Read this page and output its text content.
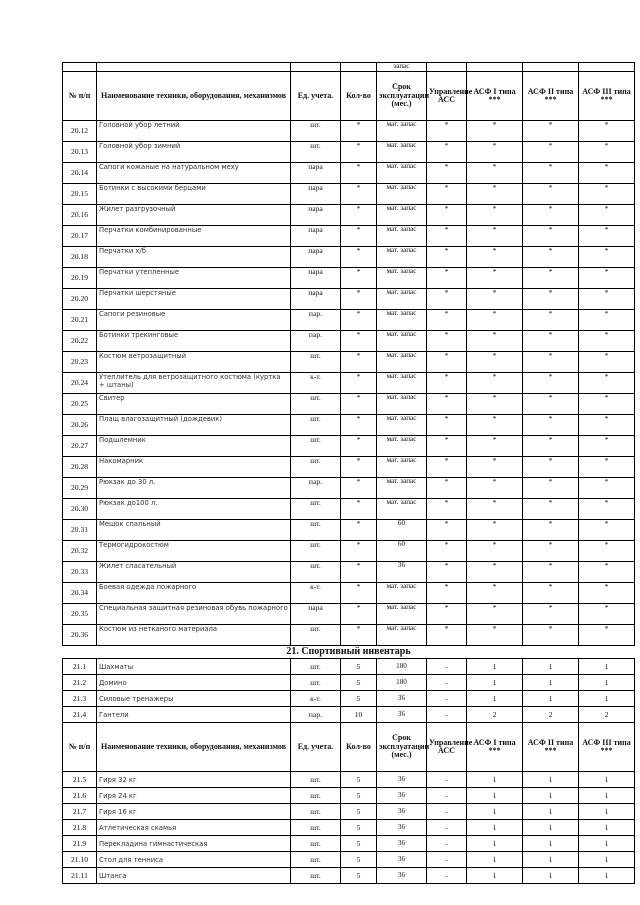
				запас				
№ п/п	Наименование техники, оборудования, механизмов	Ед. учета.	Кол-во	Срок эксплуатации (мес.)	Управление АСС	АСФ I типа ***	АСФ II типа ***	АСФ III типа ***
20.12	Головной убор летний	шт.	*	мат. запас	*	*	*	*
20.13	Головной убор зимний	шт.	*	мат. запас	*	*	*	*
20.14	Сапоги кожаные на натуральном меху	пара	*	мат. запас	*	*	*	*
20.15	Ботинки с высокими берцами	пара	*	мат. запас	*	*	*	*
20.16	Жилет разгрузочный	пара	*	мат. запас	*	*	*	*
20.17	Перчатки комбинированные	пара	*	мат. запас	*	*	*	*
20.18	Перчатки х/б	пара	*	мат. запас	*	*	*	*
20.19	Перчатки утепленные	пара	*	мат. запас	*	*	*	*
20.20	Перчатки шерстяные	пара	*	мат. запас	*	*	*	*
20.21	Сапоги резиновые	пар.	*	мат. запас	*	*	*	*
20.22	Ботинки трекинговые	пар.	*	мат. запас	*	*	*	*
20.23	Костюм ветрозащитный	шт.	*	мат. запас	*	*	*	*
20.24	Утеплитель для ветрозащитного костюма (куртка + штаны)	к-т.	*	мат. запас	*	*	*	*
20.25	Свитер	шт.	*	мат. запас	*	*	*	*
20.26	Плащ влагозащитный (дождевик)	шт.	*	мат. запас	*	*	*	*
20.27	Подшлемник	шт.	*	мат. запас	*	*	*	*
20.28	Накомарник	шт.	*	мат. запас	*	*	*	*
20.29	Рюкзак до 30 л.	пар.	*	мат. запас	*	*	*	*
20.30	Рюкзак до100 л.	шт.	*	мат. запас	*	*	*	*
20.31	Мешок спальный	шт.	*	60	*	*	*	*
20.32	Термогидрокостюм	шт.	*	60	*	*	*	*
20.33	Жилет спасательный	шт.	*	36	*	*	*	*
20.34	Боевая одежда пожарного	к-т.	*	мат. запас	*	*	*	*
20.35	Специальная защитная резиновая обувь пожарного	пара	*	мат. запас	*	*	*	*
20.36	Костюм из нетканого материала	шт.	*	мат. запас	*	*	*	*
21. Спортивный инвентарь								
21.1	Шахматы	шт.	5	180	-	1	1	1
21.2	Домино	шт.	5	180	-	1	1	1
21.3	Силовые тренажеры	к-т.	5	36	-	1	1	1
21.4	Гантели	пар.	10	36	-	2	2	2
№ п/п	Наименование техники, оборудования, механизмов	Ед. учета.	Кол-во	Срок эксплуатации (мес.)	Управление АСС	АСФ I типа ***	АСФ II типа ***	АСФ III типа ***
21.5	Гиря 32 кг	шт.	5	36	-	1	1	1
21.6	Гиря 24 кг	шт.	5	36	-	1	1	1
21.7	Гиря 16 кг	шт.	5	36	-	1	1	1
21.8	Атлетическая скамья	шт.	5	36	-	1	1	1
21.9	Перекладина гимнастическая	шт.	5	36	-	1	1	1
21.10	Стол для тенниса	шт.	5	36	-	1	1	1
21.11	Штанга	шт.	5	36	-	1	1	1
